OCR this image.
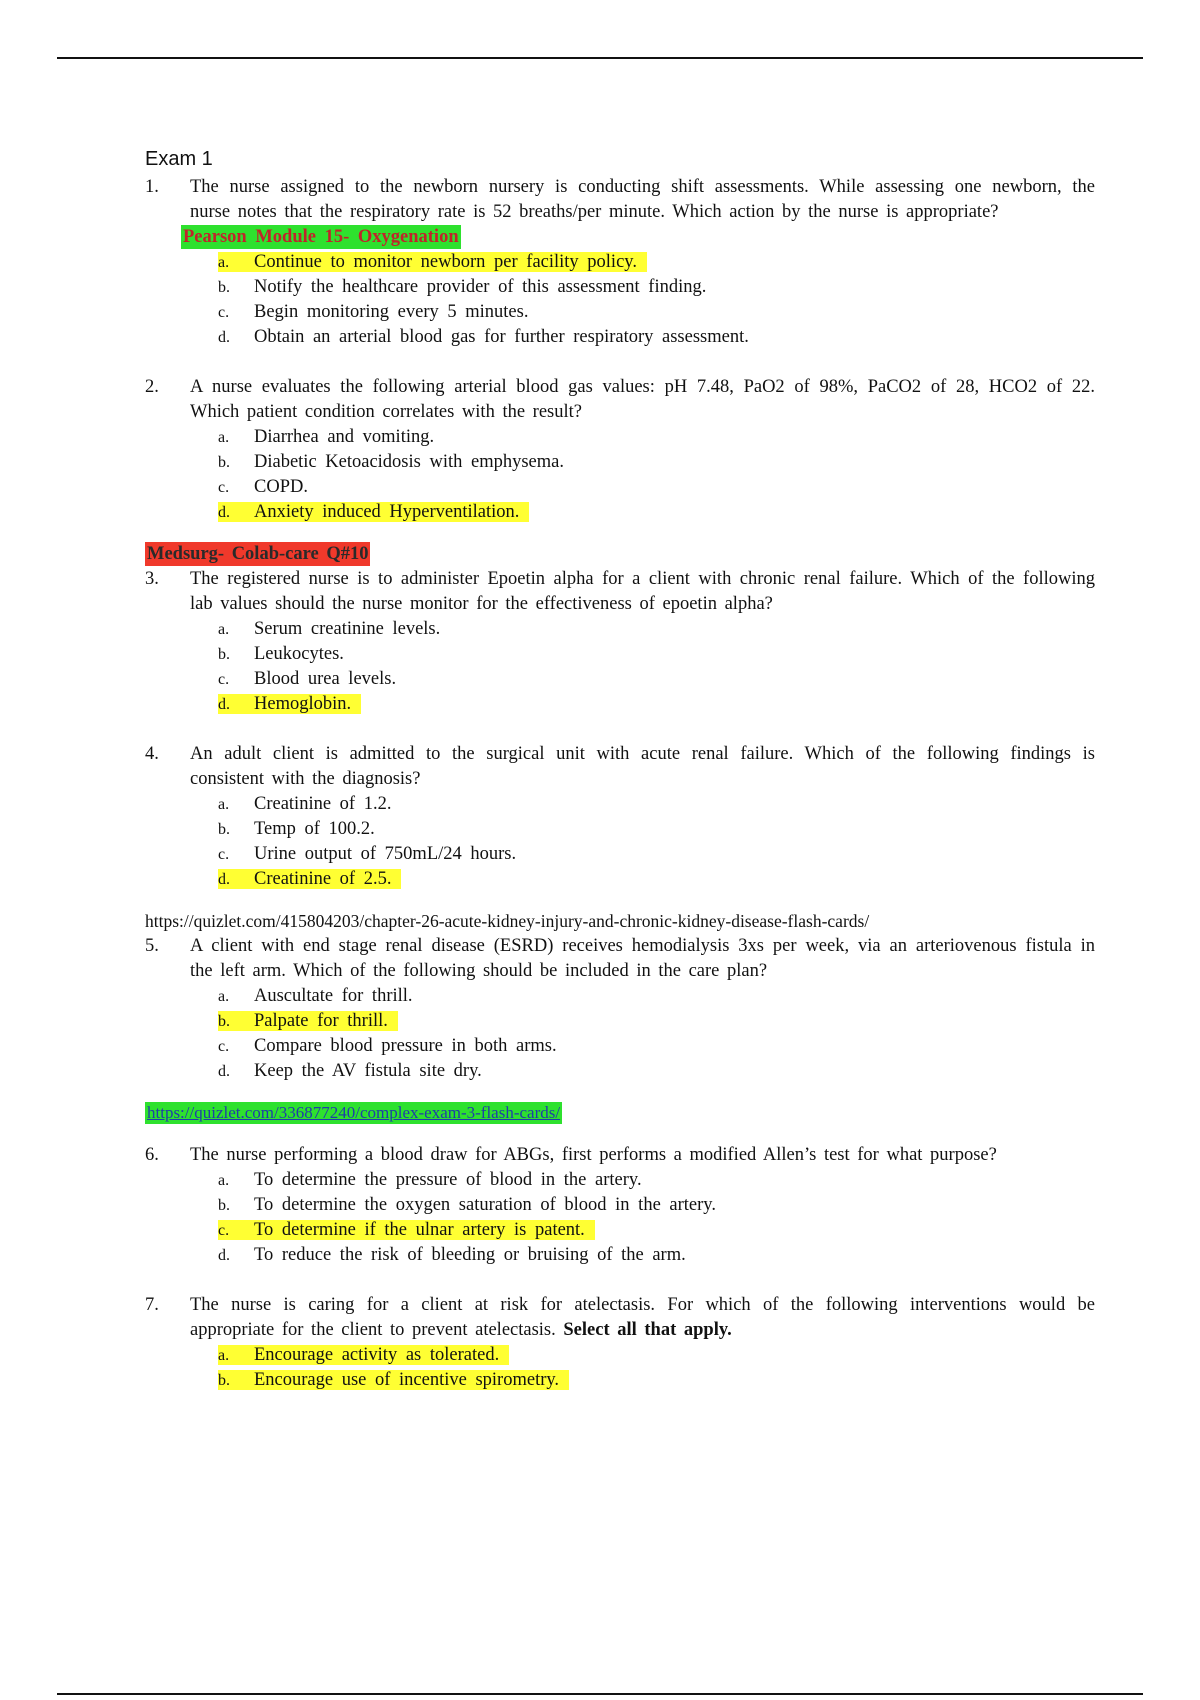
Exam 1
1. The nurse assigned to the newborn nursery is conducting shift assessments. While assessing one newborn, the nurse notes that the respiratory rate is 52 breaths/per minute. Which action by the nurse is appropriate?
Pearson Module 15- Oxygenation
a. Continue to monitor newborn per facility policy.
b. Notify the healthcare provider of this assessment finding.
c. Begin monitoring every 5 minutes.
d. Obtain an arterial blood gas for further respiratory assessment.
2. A nurse evaluates the following arterial blood gas values: pH 7.48, PaO2 of 98%, PaCO2 of 28, HCO2 of 22. Which patient condition correlates with the result?
a. Diarrhea and vomiting.
b. Diabetic Ketoacidosis with emphysema.
c. COPD.
d. Anxiety induced Hyperventilation.
Medsurg- Colab-care Q#10
3. The registered nurse is to administer Epoetin alpha for a client with chronic renal failure. Which of the following lab values should the nurse monitor for the effectiveness of epoetin alpha?
a. Serum creatinine levels.
b. Leukocytes.
c. Blood urea levels.
d. Hemoglobin.
4. An adult client is admitted to the surgical unit with acute renal failure. Which of the following findings is consistent with the diagnosis?
a. Creatinine of 1.2.
b. Temp of 100.2.
c. Urine output of 750mL/24 hours.
d. Creatinine of 2.5.
https://quizlet.com/415804203/chapter-26-acute-kidney-injury-and-chronic-kidney-disease-flash-cards/
5. A client with end stage renal disease (ESRD) receives hemodialysis 3xs per week, via an arteriovenous fistula in the left arm. Which of the following should be included in the care plan?
a. Auscultate for thrill.
b. Palpate for thrill.
c. Compare blood pressure in both arms.
d. Keep the AV fistula site dry.
https://quizlet.com/336877240/complex-exam-3-flash-cards/
6. The nurse performing a blood draw for ABGs, first performs a modified Allen’s test for what purpose?
a. To determine the pressure of blood in the artery.
b. To determine the oxygen saturation of blood in the artery.
c. To determine if the ulnar artery is patent.
d. To reduce the risk of bleeding or bruising of the arm.
7. The nurse is caring for a client at risk for atelectasis. For which of the following interventions would be appropriate for the client to prevent atelectasis. Select all that apply.
a. Encourage activity as tolerated.
b. Encourage use of incentive spirometry.
